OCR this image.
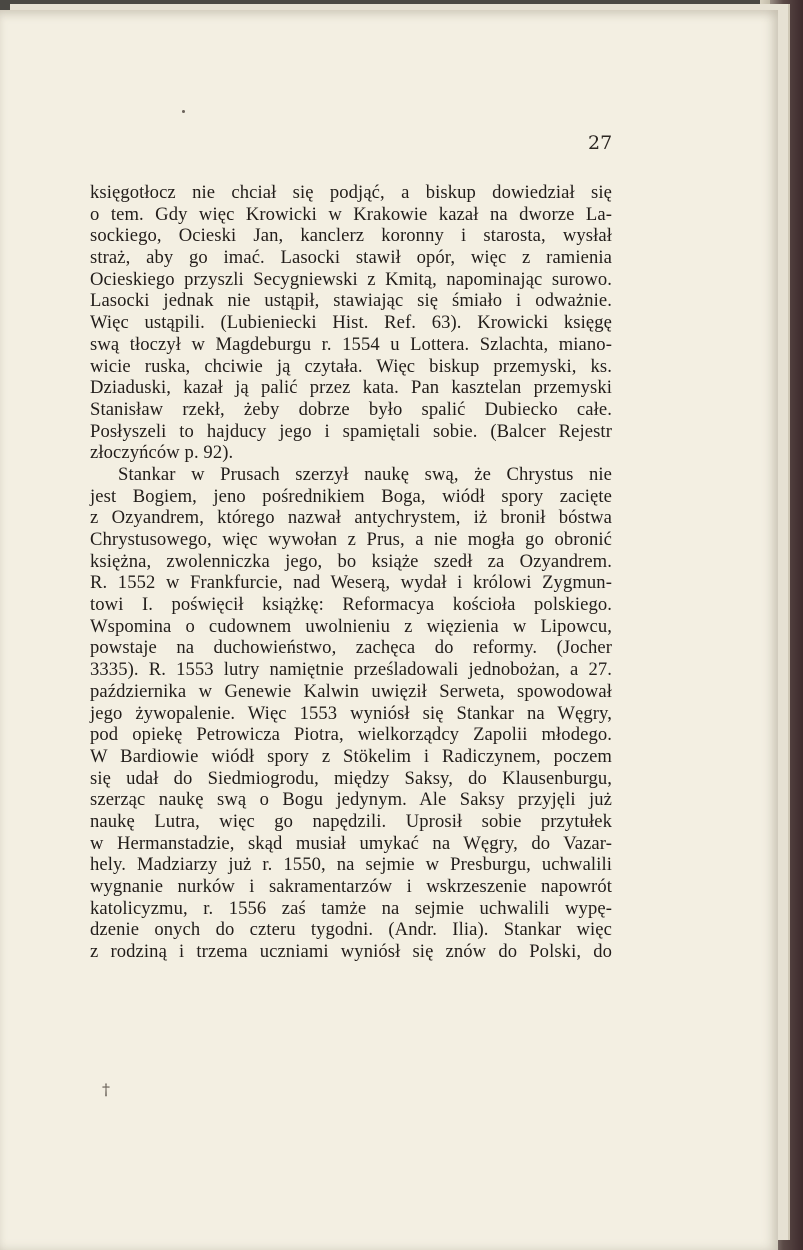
27
księgotłocz nie chciał się podjąć, a biskup dowiedział się
o tem. Gdy więc Krowicki w Krakowie kazał na dworze La-
sockiego, Ocieski Jan, kanclerz koronny i starosta, wysłał
straż, aby go imać. Lasocki stawił opór, więc z ramienia
Ocieskiego przyszli Secygniewski z Kmitą, napominając surowo.
Lasocki jednak nie ustąpił, stawiając się śmiało i odważnie.
Więc ustąpili. (Lubieniecki Hist. Ref. 63). Krowicki księgę
swą tłoczył w Magdeburgu r. 1554 u Lottera. Szlachta, miano-
wicie ruska, chciwie ją czytała. Więc biskup przemyski, ks.
Dziaduski, kazał ją palić przez kata. Pan kasztelan przemyski
Stanisław rzekł, żeby dobrze było spalić Dubiecko całe.
Posłyszeli to hajducy jego i spamiętali sobie. (Balcer Rejestr
złoczyńców p. 92).
Stankar w Prusach szerzył naukę swą, że Chrystus nie
jest Bogiem, jeno pośrednikiem Boga, wiódł spory zacięte
z Ozyandrem, którego nazwał antychrystem, iż bronił bóstwa
Chrystusowego, więc wywołan z Prus, a nie mogła go obronić
księżna, zwolenniczka jego, bo książe szedł za Ozyandrem.
R. 1552 w Frankfurcie, nad Weserą, wydał i królowi Zygmun-
towi I. poświęcił książkę: Reformacya kościoła polskiego.
Wspomina o cudownem uwolnieniu z więzienia w Lipowcu,
powstaje na duchowieństwo, zachęca do reformy. (Jocher
3335). R. 1553 lutry namiętnie prześladowali jednobożan, a 27.
października w Genewie Kalwin uwięził Serweta, spowodował
jego żywopalenie. Więc 1553 wyniósł się Stankar na Węgry,
pod opiekę Petrowicza Piotra, wielkorządcy Zapolii młodego.
W Bardiowie wiódł spory z Stökelim i Radiczynem, poczem
się udał do Siedmiogrodu, między Saksy, do Klausenburgu,
szerząc naukę swą o Bogu jedynym. Ale Saksy przyjęli już
naukę Lutra, więc go napędzili. Uprosił sobie przytułek
w Hermanstadzie, skąd musiał umykać na Węgry, do Vazar-
hely. Madziarzy już r. 1550, na sejmie w Presburgu, uchwalili
wygnanie nurków i sakramentarzów i wskrzeszenie napowrót
katolicyzmu, r. 1556 zaś tamże na sejmie uchwalili wypę-
dzenie onych do czteru tygodni. (Andr. Ilia). Stankar więc
z rodziną i trzema uczniami wyniósł się znów do Polski, do
†
